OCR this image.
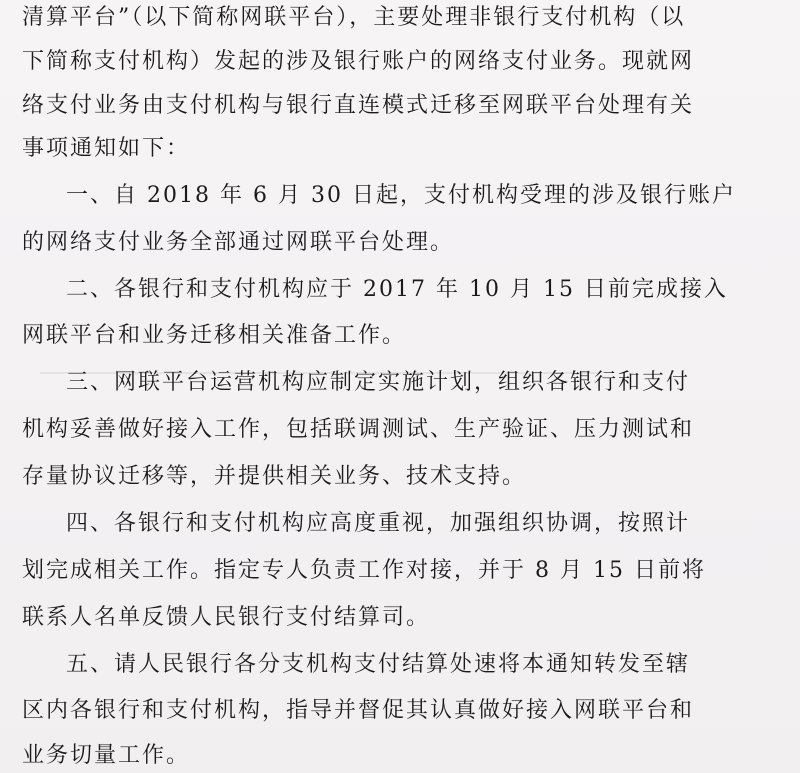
清算平台”（以下简称网联平台），主要处理非银行支付机构（以
下简称支付机构）发起的涉及银行账户的网络支付业务。现就网
络支付业务由支付机构与银行直连模式迁移至网联平台处理有关
事项通知如下：
一、自 2018 年 6 月 30 日起，支付机构受理的涉及银行账户
的网络支付业务全部通过网联平台处理。
二、各银行和支付机构应于 2017 年 10 月 15 日前完成接入
网联平台和业务迁移相关准备工作。
三、网联平台运营机构应制定实施计划，组织各银行和支付
机构妥善做好接入工作，包括联调测试、生产验证、压力测试和
存量协议迁移等，并提供相关业务、技术支持。
四、各银行和支付机构应高度重视，加强组织协调，按照计
划完成相关工作。指定专人负责工作对接，并于 8 月 15 日前将
联系人名单反馈人民银行支付结算司。
五、请人民银行各分支机构支付结算处速将本通知转发至辖
区内各银行和支付机构，指导并督促其认真做好接入网联平台和
业务切量工作。
